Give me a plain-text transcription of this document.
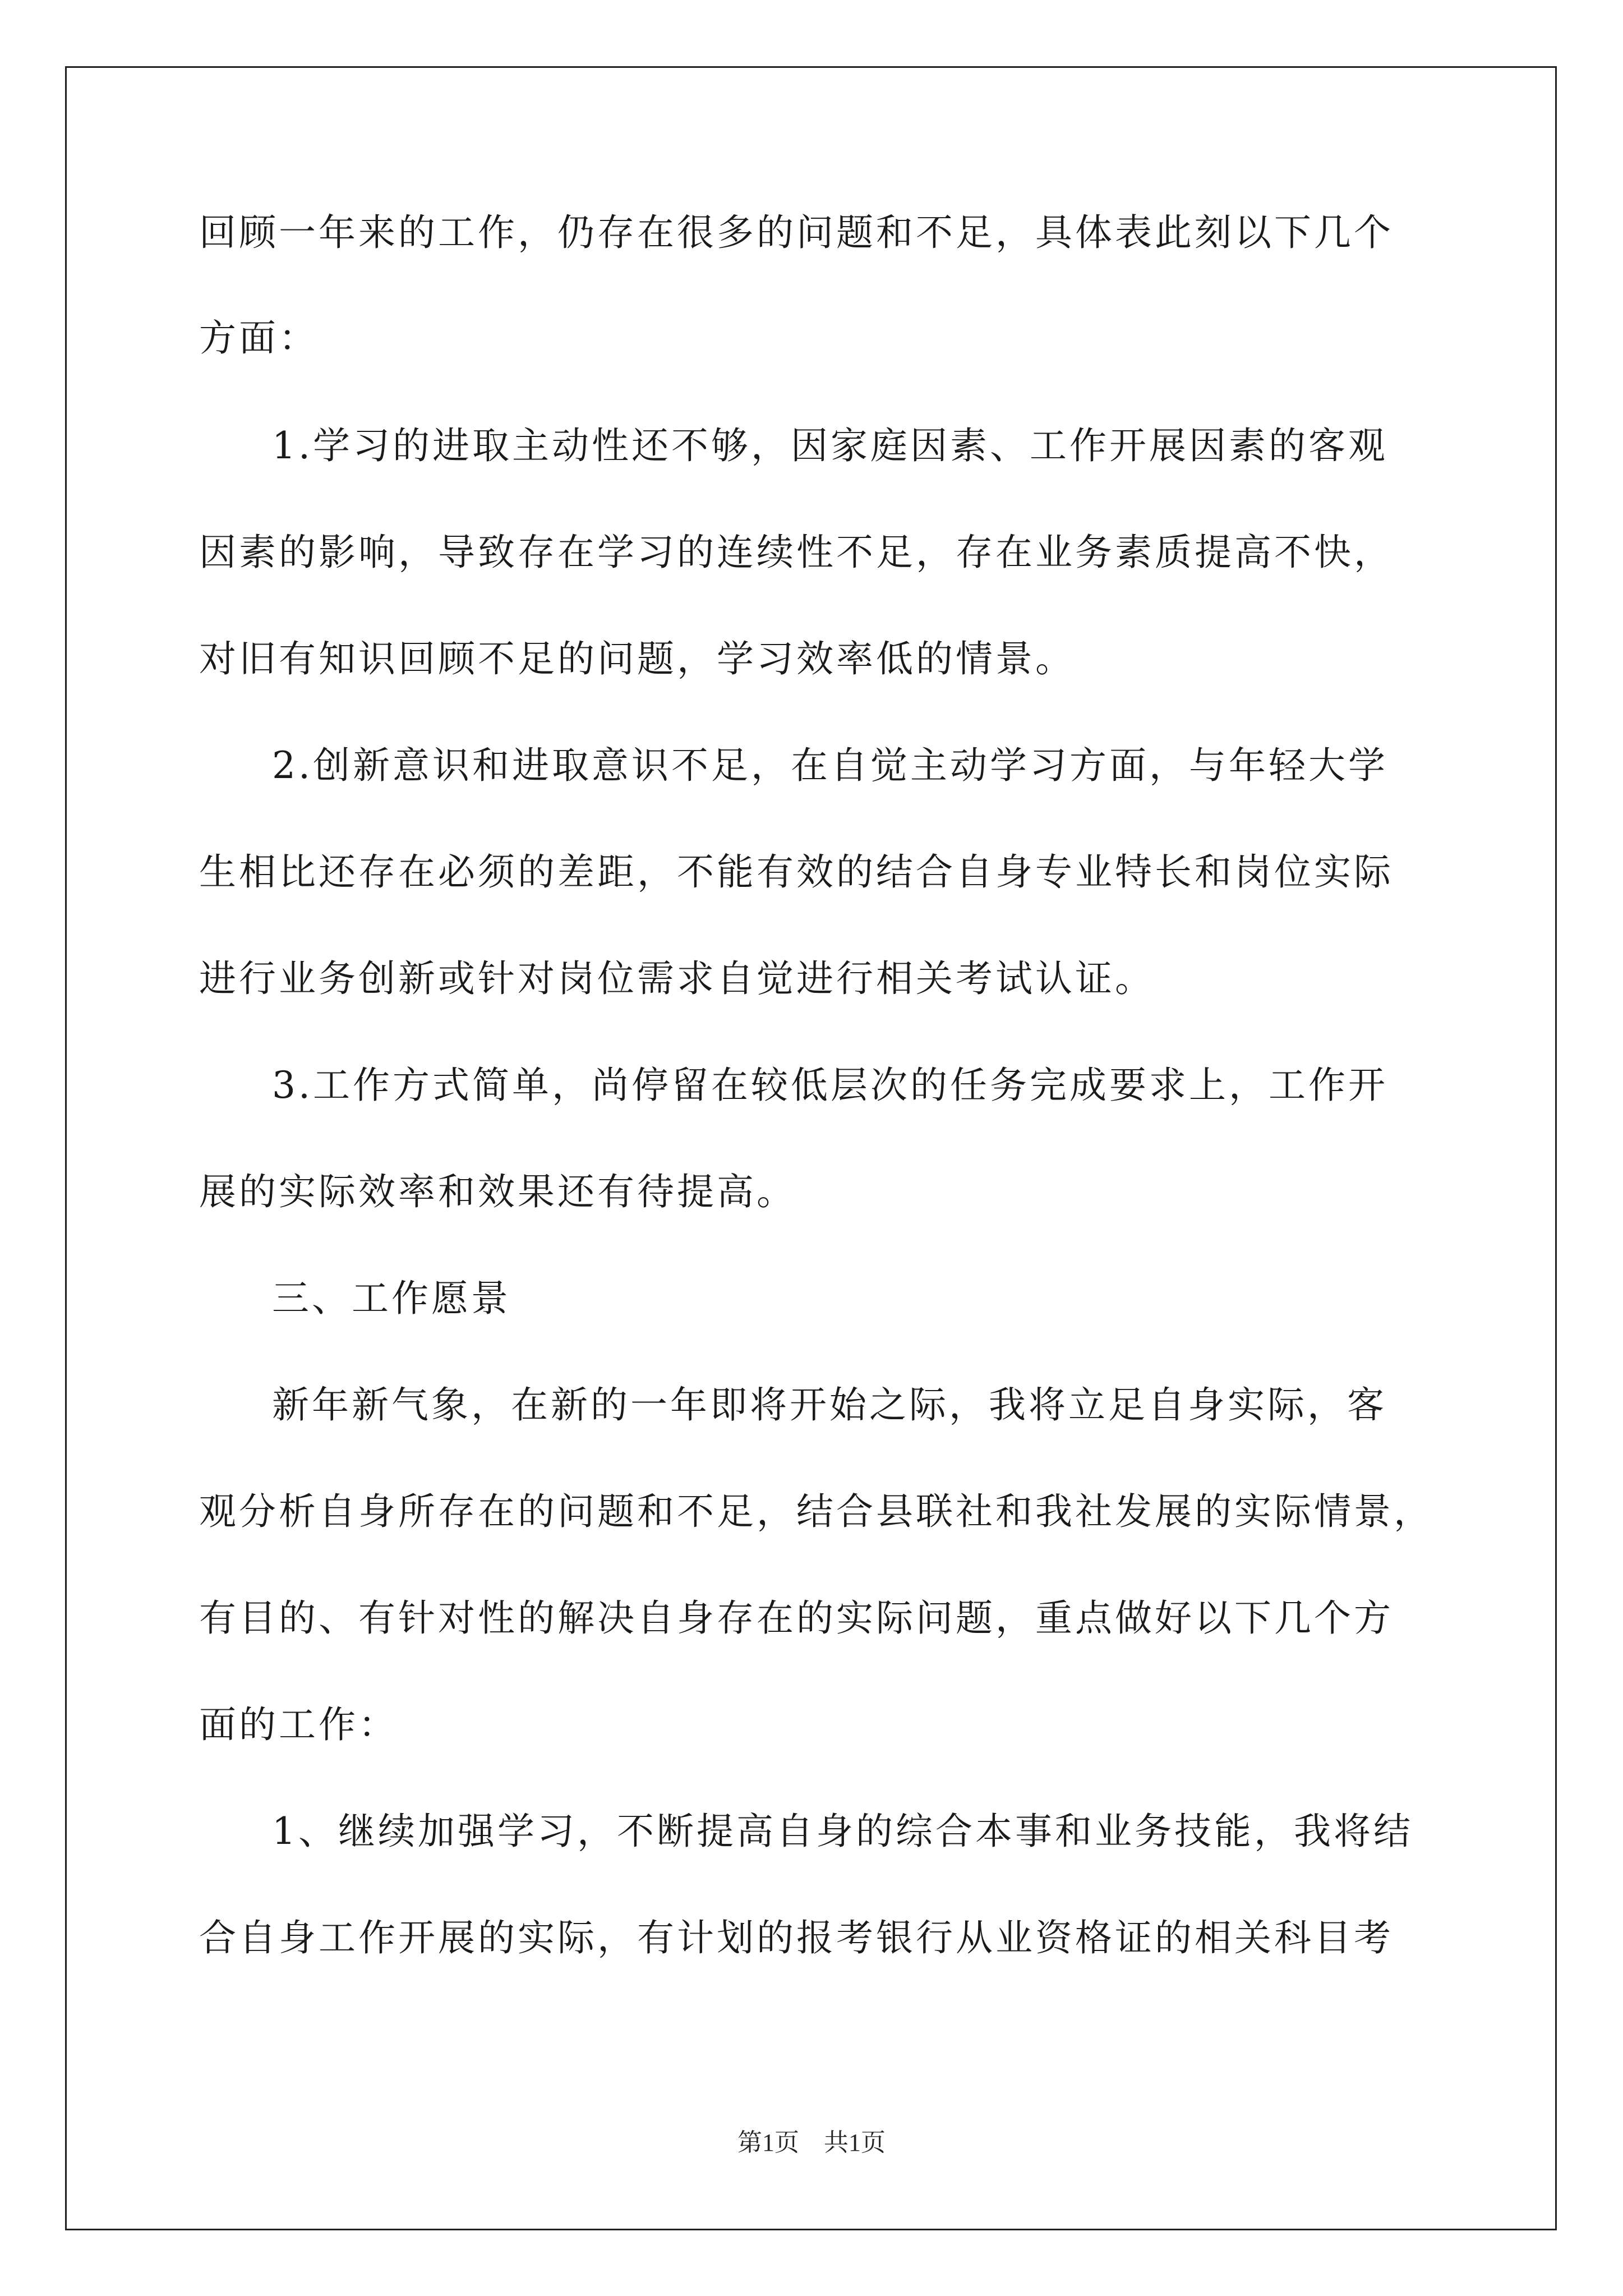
回顾一年来的工作，仍存在很多的问题和不足，具体表此刻以下几个
方面：
1.学习的进取主动性还不够，因家庭因素、工作开展因素的客观
因素的影响，导致存在学习的连续性不足，存在业务素质提高不快，
对旧有知识回顾不足的问题，学习效率低的情景。
2.创新意识和进取意识不足，在自觉主动学习方面，与年轻大学
生相比还存在必须的差距，不能有效的结合自身专业特长和岗位实际
进行业务创新或针对岗位需求自觉进行相关考试认证。
3.工作方式简单，尚停留在较低层次的任务完成要求上，工作开
展的实际效率和效果还有待提高。
三、工作愿景
新年新气象，在新的一年即将开始之际，我将立足自身实际，客
观分析自身所存在的问题和不足，结合县联社和我社发展的实际情景，
有目的、有针对性的解决自身存在的实际问题，重点做好以下几个方
面的工作：
1、继续加强学习，不断提高自身的综合本事和业务技能，我将结
合自身工作开展的实际，有计划的报考银行从业资格证的相关科目考
第1页　共1页
